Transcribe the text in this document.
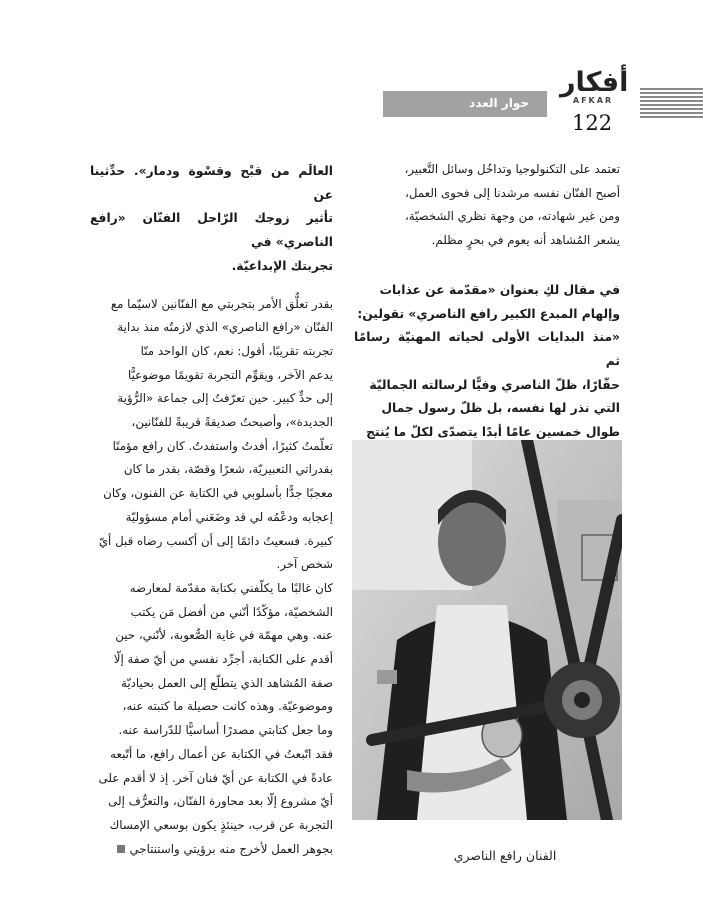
أفكار
AFKAR
122
حوار العدد

تعتمد على التكنولوجيا وتداخُل وسائل التَّعبير،

أصبح الفنّان نفسه مرشدنا إلى فحوى العمل،

ومن غير شهادته، من وجهة نظري الشخصيّة،

يشعر المُشاهد أنه يعوم في بحرٍ مظلم.

في مقال لكِ بعنوان «مقدّمة عن عذابات

وإلهام المبدع الكبير رافع الناصري» تقولين:

«منذ البدايات الأولى لحياته المهنيّة رسامًا ثم

حفّارًا، ظلّ الناصري وفيًّا لرسالته الجماليّة

التي نذر لها نفسه، بل ظلّ رسول جمال

طوال خمسين عامًا أبدًا يتصدّى لكلّ ما يُنتج

العالَم من قبْح وقسْوة ودمار». حدِّثينا عن

تأثير زوجك الرّاحل الفنّان «رافع الناصري» في

تجربتك الإبداعيّة.

بقدر تعلُّق الأمر بتجربتي مع الفنّانين لاسيّما مع

الفنّان «رافع الناصري» الذي لازمتُه منذ بداية

تجربته تقريبًا، أقول: نعم، كان الواحد منّا

يدعم الآخر، ويقوِّم التجربة تقويمًا موضوعيًّا

إلى حدٍّ كبير. حين تعرّفتُ إلى جماعة «الرُّؤية

الجديدة»، وأصبحتُ صديقةً قريبةً للفنّانين،

تعلّمتُ كثيرًا، أفدتُ واستفدتُ. كان رافع مؤمنًا

بقدراتي التعبيريّة، شعرًا وقصّة، بقدر ما كان

معجبًا جدًّا بأسلوبي في الكتابة عن الفنون، وكان

إعجابه ودعْمُه لي قد وضَعَني أمام مسؤوليّة

كبيرة. فسعيتُ دائمًا إلى أن أكسب رضاه قبل أيّ

شخص آخر.

كان غالبًا ما يكلّفني بكتابة مقدّمة لمعارضه

الشخصيّة، مؤكّدًا أنّني من أفضل مَن يكتب

عنه. وهي مهمّة في غاية الصُّعوبة، لأنّني، حين

أقدم على الكتابة، أجرِّد نفسي من أيّ صفة إلّا

صفة المُشاهد الذي يتطلّع إلى العمل بحياديّة

وموضوعيّة. وهذه كانت حصيلة ما كتبته عنه،

وما جعل كتابتي مصدرًا أساسيًّا للدّراسة عنه.

فقد اتّبعتُ في الكتابة عن أعمال رافع، ما أتّبعه

عادةً في الكتابة عن أيّ فنان آخر. إذ لا أقدم على

أيّ مشروع إلّا بعد محاورة الفنّان، والتعرُّف إلى

التجربة عن قرب، حينئذٍ يكون بوسعي الإمساك

بجوهر العمل لأخرج منه برؤيتي واستنتاجي	الفنان رافع الناصري
